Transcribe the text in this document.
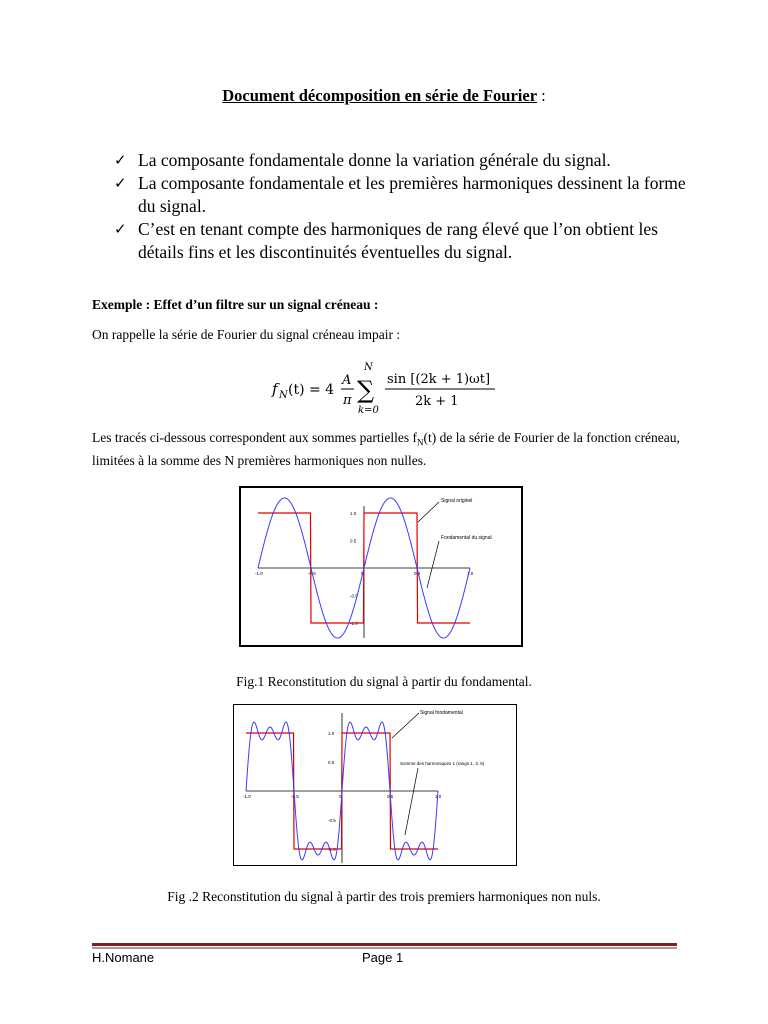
Document décomposition en série de Fourier :

✓ La composante fondamentale donne la variation générale du signal.

✓ La composante fondamentale et les premières harmoniques dessinent la forme du signal.

✓ C’est en tenant compte des harmoniques de rang élevé que l’on obtient les détails fins et les discontinuités éventuelles du signal.

Exemple : Effet d’un filtre sur un signal créneau :
On rappelle la série de Fourier du signal créneau impair :
f N (t) = 4
A
π
N
∑
k=0
sin [(2k + 1)ωt]
2k + 1
Les tracés ci-dessous correspondent aux sommes partielles $f_N(t)$ de la série de Fourier de la fonction créneau, limitées à la somme des N premières harmoniques non nulles.
-1.0	-0.5	0	0.5	1.0
1.0
0.5
-0.5
-1.0
Signal originel
Fondamental du signal
Fig.1 Reconstitution du signal à partir du fondamental.
-1.0	-0.5	0	0.5	1.0
1.0
0.5
-0.5
-1.0
Signal fondamental
Somme des harmoniques 1 (rangs 1, 3, 5)
Fig .2 Reconstitution du signal à partir des trois premiers harmoniques non nuls.
H.Nomane	Page 1
